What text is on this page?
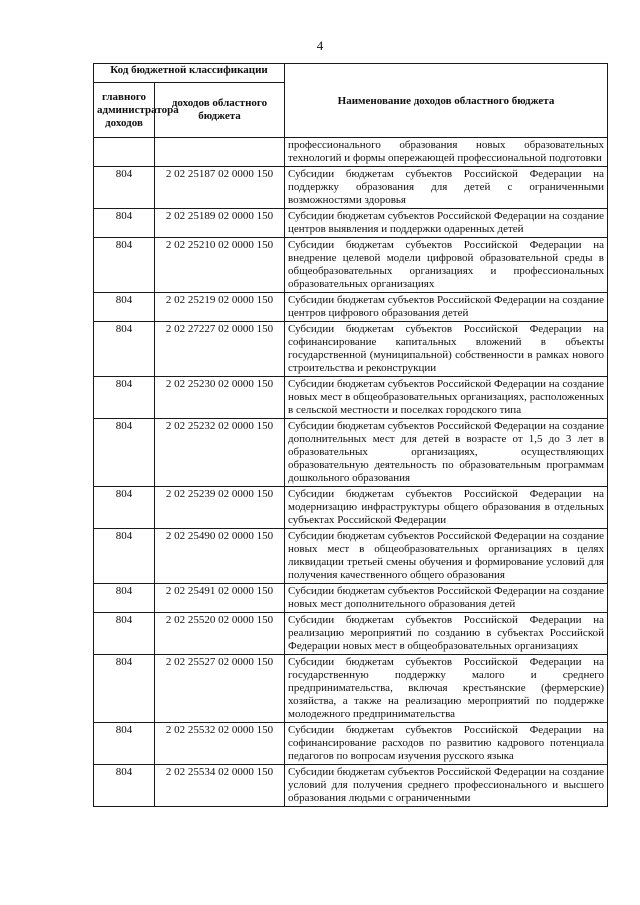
4
Код бюджетной классификации		Наименование доходов областного бюджета
главного администратора доходов	доходов областного бюджета	
		профессионального образования новых образовательных технологий и формы опережающей профессиональной подготовки
804	2 02 25187 02 0000 150	Субсидии бюджетам субъектов Российской Федерации на поддержку образования для детей с ограниченными возможностями здоровья
804	2 02 25189 02 0000 150	Субсидии бюджетам субъектов Российской Федерации на создание центров выявления и поддержки одаренных детей
804	2 02 25210 02 0000 150	Субсидии бюджетам субъектов Российской Федерации на внедрение целевой модели цифровой образовательной среды в общеобразовательных организациях и профессиональных образовательных организациях
804	2 02 25219 02 0000 150	Субсидии бюджетам субъектов Российской Федерации на создание центров цифрового образования детей
804	2 02 27227 02 0000 150	Субсидии бюджетам субъектов Российской Федерации на софинансирование капитальных вложений в объекты государственной (муниципальной) собственности в рамках нового строительства и реконструкции
804	2 02 25230 02 0000 150	Субсидии бюджетам субъектов Российской Федерации на создание новых мест в общеобразовательных организациях, расположенных в сельской местности и поселках городского типа
804	2 02 25232 02 0000 150	Субсидии бюджетам субъектов Российской Федерации на создание дополнительных мест для детей в возрасте от 1,5 до 3 лет в образовательных организациях, осуществляющих образовательную деятельность по образовательным программам дошкольного образования
804	2 02 25239 02 0000 150	Субсидии бюджетам субъектов Российской Федерации на модернизацию инфраструктуры общего образования в отдельных субъектах Российской Федерации
804	2 02 25490 02 0000 150	Субсидии бюджетам субъектов Российской Федерации на создание новых мест в общеобразовательных организациях в целях ликвидации третьей смены обучения и формирование условий для получения качественного общего образования
804	2 02 25491 02 0000 150	Субсидии бюджетам субъектов Российской Федерации на создание новых мест дополнительного образования детей
804	2 02 25520 02 0000 150	Субсидии бюджетам субъектов Российской Федерации на реализацию мероприятий по созданию в субъектах Российской Федерации новых мест в общеобразовательных организациях
804	2 02 25527 02 0000 150	Субсидии бюджетам субъектов Российской Федерации на государственную поддержку малого и среднего предпринимательства, включая крестьянские (фермерские) хозяйства, а также на реализацию мероприятий по поддержке молодежного предпринимательства
804	2 02 25532 02 0000 150	Субсидии бюджетам субъектов Российской Федерации на софинансирование расходов по развитию кадрового потенциала педагогов по вопросам изучения русского языка
804	2 02 25534 02 0000 150	Субсидии бюджетам субъектов Российской Федерации на создание условий для получения среднего профессионального и высшего образования людьми с ограниченными
